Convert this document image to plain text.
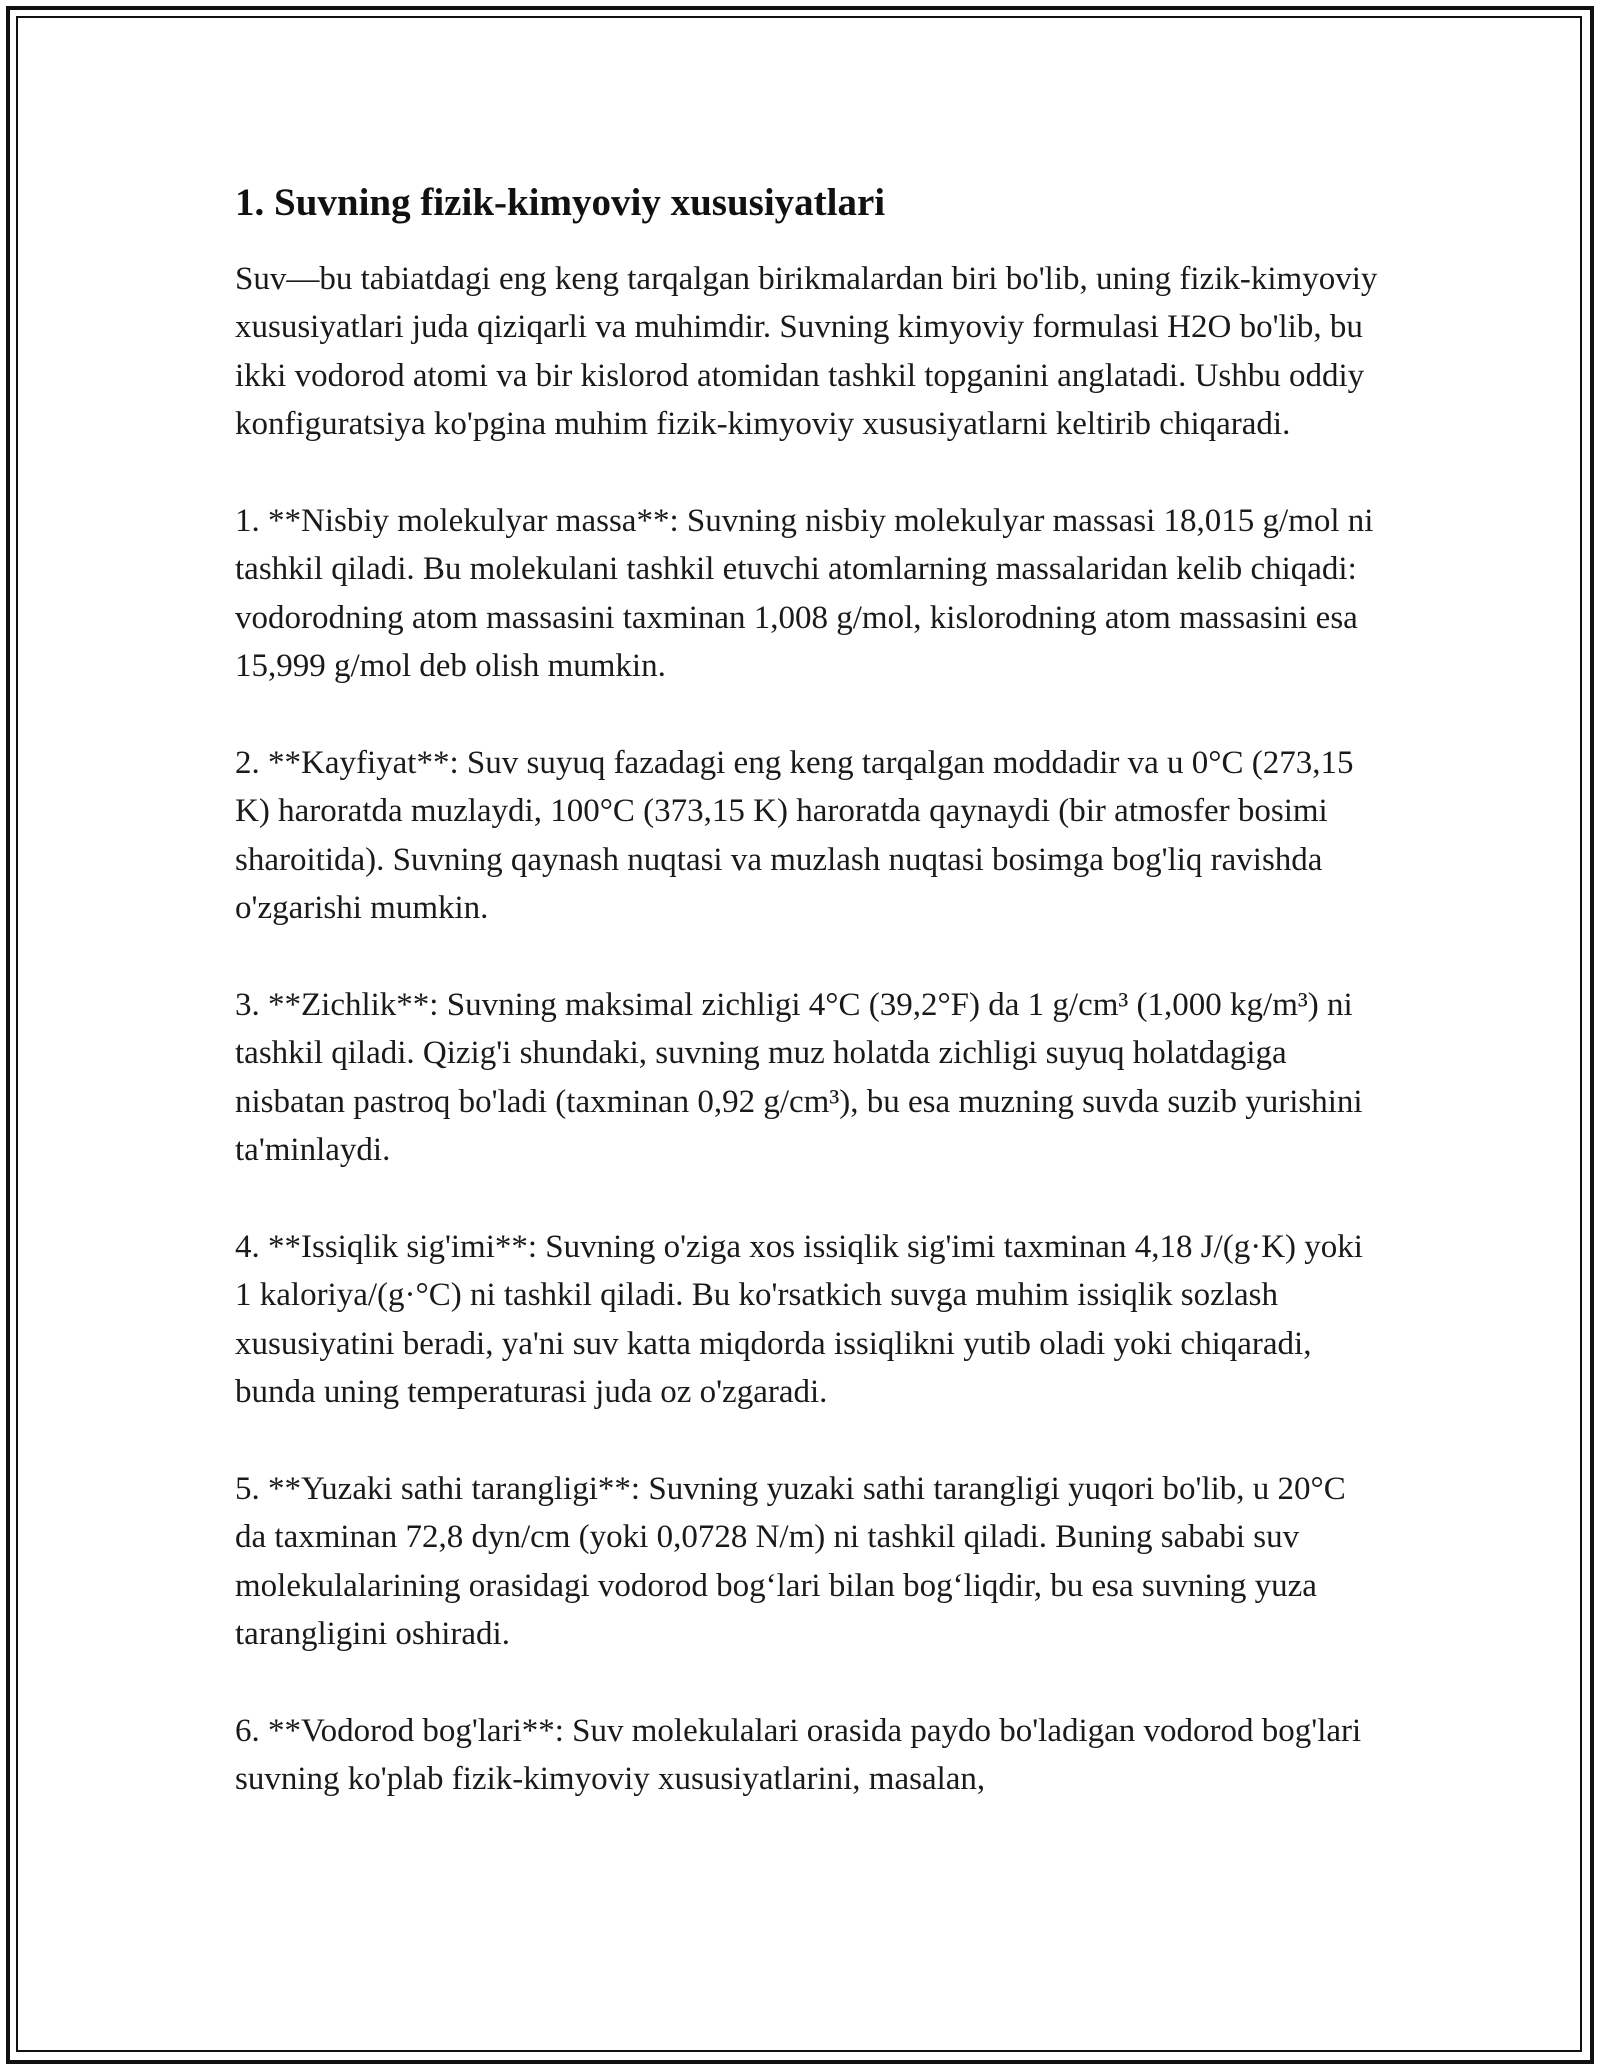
1. Suvning fizik-kimyoviy xususiyatlari

Suv—bu tabiatdagi eng keng tarqalgan birikmalardan biri bo'lib, uning fizik-kimyoviy xususiyatlari juda qiziqarli va muhimdir. Suvning kimyoviy formulasi H2O bo'lib, bu ikki vodorod atomi va bir kislorod atomidan tashkil topganini anglatadi. Ushbu oddiy konfiguratsiya ko'pgina muhim fizik-kimyoviy xususiyatlarni keltirib chiqaradi.

1. **Nisbiy molekulyar massa**: Suvning nisbiy molekulyar massasi 18,015 g/mol ni tashkil qiladi. Bu molekulani tashkil etuvchi atomlarning massalaridan kelib chiqadi: vodorodning atom massasini taxminan 1,008 g/mol, kislorodning atom massasini esa 15,999 g/mol deb olish mumkin.

2. **Kayfiyat**: Suv suyuq fazadagi eng keng tarqalgan moddadir va u 0°C (273,15 K) haroratda muzlaydi, 100°C (373,15 K) haroratda qaynaydi (bir atmosfer bosimi sharoitida). Suvning qaynash nuqtasi va muzlash nuqtasi bosimga bog'liq ravishda o'zgarishi mumkin.

3. **Zichlik**: Suvning maksimal zichligi 4°C (39,2°F) da 1 g/cm³ (1,000 kg/m³) ni tashkil qiladi. Qizig'i shundaki, suvning muz holatda zichligi suyuq holatdagiga nisbatan pastroq bo'ladi (taxminan 0,92 g/cm³), bu esa muzning suvda suzib yurishini ta'minlaydi.

4. **Issiqlik sig'imi**: Suvning o'ziga xos issiqlik sig'imi taxminan 4,18 J/(g·K) yoki 1 kaloriya/(g·°C) ni tashkil qiladi. Bu ko'rsatkich suvga muhim issiqlik sozlash xususiyatini beradi, ya'ni suv katta miqdorda issiqlikni yutib oladi yoki chiqaradi, bunda uning temperaturasi juda oz o'zgaradi.

5. **Yuzaki sathi tarangligi**: Suvning yuzaki sathi tarangligi yuqori bo'lib, u 20°C da taxminan 72,8 dyn/cm (yoki 0,0728 N/m) ni tashkil qiladi. Buning sababi suv molekulalarining orasidagi vodorod bog‘lari bilan bog‘liqdir, bu esa suvning yuza tarangligini oshiradi.

6. **Vodorod bog'lari**: Suv molekulalari orasida paydo bo'ladigan vodorod bog'lari suvning ko'plab fizik-kimyoviy xususiyatlarini, masalan,
